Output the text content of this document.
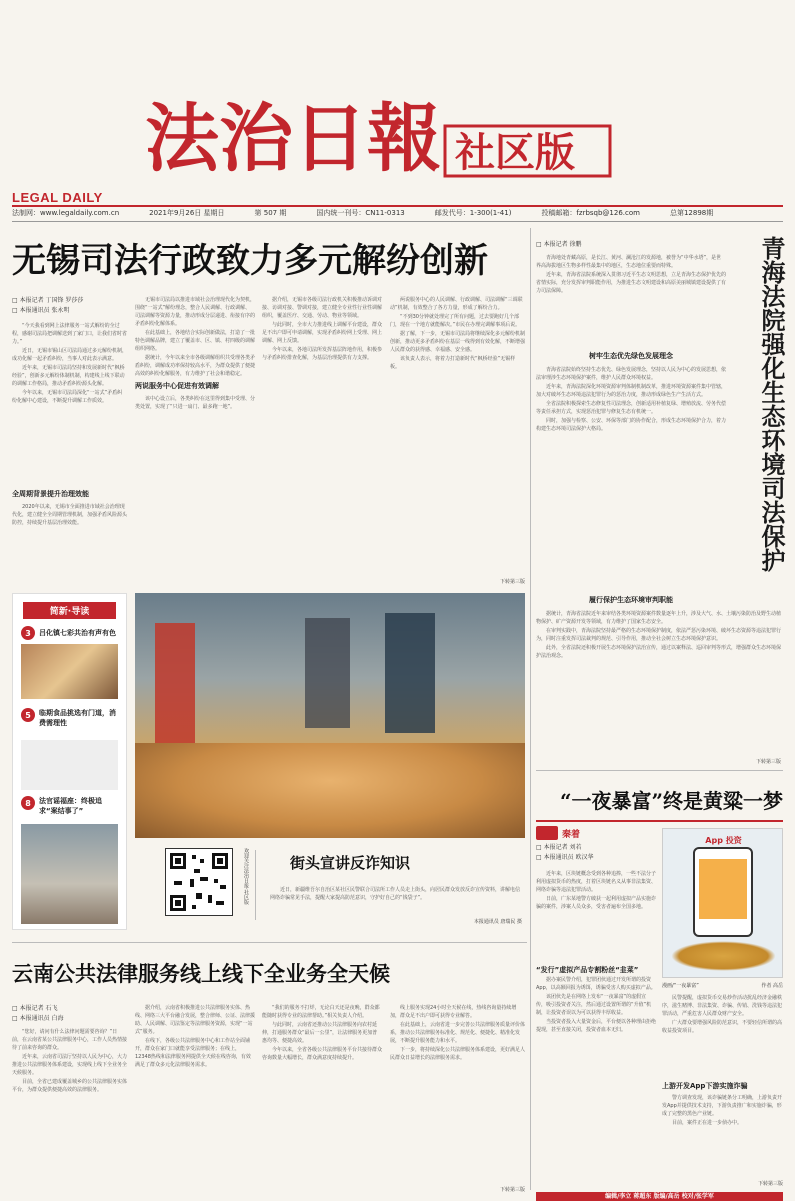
法治日報 社区版
LEGAL DAILY
法制网：www.legaldaily.com.cn	2021年9月26日 星期日	第 507 期	国内统一刊号：CN11-0313	邮发代号：1-300(1-41)	投稿邮箱：fzrbsqb@126.com	总第12898期
无锡司法行政致力多元解纷创新
□ 本报记者 丁国锋 罗莎莎
□ 本报通讯员 张永明

“今天我看到网上法律服务一站式解纷的全过程，感谢司法局把调解送到了家门口，让我们省时省力。”

近日，无锡市锡山区司法局通过多元解纷机制，成功化解一起矛盾纠纷，当事人对此表示满意。

近年来，无锡市司法局坚持和发展新时代“枫桥经验”，创新多元解纷体制机制，构建线上线下联动的调解工作格局，推动矛盾纠纷源头化解。

今年以来，无锡市司法局深化“一站式”矛盾纠纷化解中心建设，不断提升调解工作质效。

全周期背景提升治理效能

2020年以来，无锡市全面推进市域社会治理现代化，建立健全全周期管理机制，加强矛盾风险源头防控，持续提升基层治理效能。

无锡市司法局以推进市域社会治理现代化为契机，围绕“一站式”解纷理念，整合人民调解、行政调解、司法调解等资源力量，推动形成分层递进、衔接有序的矛盾纠纷化解体系。

在此基础上，各地结合实际创新做法，打造了一批特色调解品牌，建立了覆盖市、区、镇、村四级的调解组织网络。

据统计，今年以来全市各级调解组织共受理各类矛盾纠纷，调解成功率保持较高水平，为群众提供了便捷高效的纠纷化解服务，有力维护了社会和谐稳定。

两说服务中心促进有效调解

该中心设立后，各类纠纷在这里得到集中受理、分类处置，实现了“只进一扇门、最多跑一地”。

据介绍，无锡市各级司法行政机关积极推动诉调对接、访调对接、警调对接，建立健全专业性行业性调解组织，覆盖医疗、交通、劳动、物业等领域。

与此同时，全市大力推进线上调解平台建设，群众足不出户即可申请调解，实现矛盾纠纷网上受理、网上调解、网上反馈。

今年以来，各地司法所发挥基层阵地作用，积极参与矛盾纠纷排查化解，为基层治理提供有力支撑。

两说服务中心的人民调解、行政调解、司法调解“三调联动”机制，有效整合了各方力量，形成了解纷合力。

“不到30分钟就处理完了所有问题，过去要跑好几个部门，现在一个地方就能解决。”市民在办理完调解事项后说。

据了解，下一步，无锡市司法局将继续深化多元解纷机制创新，推动更多矛盾纠纷在基层一线得到有效化解，不断增强人民群众的获得感、幸福感、安全感。

该负责人表示，将着力打造新时代“枫桥经验”无锡样板。

下转第三版
简新·导读
3	吕化镇七彩共治有声有色
5	临期食品挑选有门道，消费需理性
8	法官谣福座：终极追求“案结事了”
欢迎关注法治日报·社区版	街头宣讲反诈知识

近日，新疆维吾尔自治区某社区民警联合司法所工作人员走上街头，向居民群众发放反诈宣传资料，讲解电信网络诈骗常见手法，提醒大家提高防范意识，守护好自己的“钱袋子”。

本报通讯员 唐瑞民 摄
云南公共法律服务线上线下全业务全天候
□ 本报记者 石飞
□ 本报通讯员 白海

“您好，请问有什么法律问题需要咨询？”日前，在云南省某公共法律服务中心，工作人员热情接待了前来咨询的群众。

近年来，云南省司法厅坚持以人民为中心，大力推进公共法律服务体系建设，实现线上线下全业务全天候服务。

目前，全省已建成覆盖城乡的公共法律服务实体平台，为群众提供便捷高效的法律服务。

据介绍，云南省积极推进公共法律服务实体、热线、网络三大平台融合发展，整合律师、公证、法律援助、人民调解、司法鉴定等法律服务资源，实现“一站式”服务。

在线下，各级公共法律服务中心和工作站全面铺开，群众在家门口就能享受法律服务；在线上，12348热线和法律服务网提供全天候在线咨询，有效满足了群众多元化法律服务需求。

“我们的服务不打烊，无论白天还是夜晚，群众都能随时获得专业的法律帮助。”相关负责人介绍。

与此同时，云南省还推动公共法律服务向农村延伸，打通服务群众“最后一公里”，让法律服务更加普惠均等、便捷高效。

今年以来，全省各级公共法律服务平台共接待群众咨询数量大幅增长，群众满意度持续提升。

线上服务实现24小时全天候在线，热线咨询量持续增加，群众足不出户即可获得专业解答。

在此基础上，云南省进一步完善公共法律服务质量评价体系，推动公共法律服务标准化、规范化、便捷化、精准化发展，不断提升服务能力和水平。

下一步，将持续深化公共法律服务体系建设，更好满足人民群众日益增长的法律服务需求。

下转第三版
□ 本报记者 徐鹏	青海法院强化生态环境司法保护

青海地处青藏高原，是长江、黄河、澜沧江的发源地，被誉为“中华水塔”，是世界高海拔地区生物多样性最集中的地区，生态地位重要而特殊。

近年来，青海省法院系统深入贯彻习近平生态文明思想，立足青海生态保护优先的省情实际，充分发挥审判职能作用，为推进生态文明建设和高原美丽城镇建设提供了有力司法保障。

树牢生态优先绿色发展理念

青海省法院始终坚持生态优先、绿色发展理念，坚持以人民为中心的发展思想，依法审理涉生态环境保护案件，维护人民群众环境权益。

近年来，青海法院深化环境资源审判体制机制改革，推进环境资源案件集中管辖，加大对破坏生态环境违法犯罪行为的惩治力度，推动形成绿色生产生活方式。

全省法院积极探索生态修复性司法理念，创新适用补植复绿、增殖放流、劳务代偿等责任承担方式，实现惩治犯罪与修复生态有机统一。

同时，加强与检察、公安、环保等部门的协作配合，形成生态环境保护合力，着力构建生态环境司法保护大格局。

履行保护生态环境审判职能

据统计，青海省法院近年来审结各类环境资源案件数量逐年上升，涉及大气、水、土壤污染防治及野生动植物保护、矿产资源开发等领域，有力维护了国家生态安全。

在审判实践中，青海法院坚持最严格的生态环境保护制度，依法严惩污染环境、破坏生态资源等违法犯罪行为，同时注重发挥司法裁判的规范、引导作用，推动全社会树立生态环境保护意识。

此外，全省法院还积极开展生态环境保护法治宣传，通过以案释法、巡回审判等形式，增强群众生态环境保护法治观念。

下转第三版
“一夜暴富”终是黄粱一梦
秦着
□ 本报记者 刘若
□ 本报通讯员 欧汉华

近年来，区块链概念受到各种追捧，一些不法分子利用虚拟货币的热度，打着区块链名义从事非法集资、网络诈骗等违法犯罪活动。

日前，广东某地警方破获一起利用虚拟产品实施诈骗的案件，涉案人员众多，受害者遍布全国多地。

“发行”虚拟产品专割粉丝“韭菜”

据办案民警介绍，犯罪团伙通过开发所谓的投资App，以高额回报为诱饵，诱骗受害人购买虚拟产品。

该团伙先是在网络上发布“一夜暴富”的虚假宣传，吸引投资者关注，然后通过设置所谓的“升值”机制，让投资者误以为可以获得丰厚收益。

当投资者投入大量资金后，平台便以各种理由拒绝提现，甚至直接关闭，投资者血本无归。

App 投资
漫画/“一夜暴富”	作者 高岳

民警提醒，虚拟货币交易炒作活动扰乱经济金融秩序，滋生赌博、非法集资、诈骗、传销、洗钱等违法犯罪活动，严重危害人民群众财产安全。

广大群众要增强风险防范意识，不要轻信所谓的高收益投资项目。

上游开发App下游实施诈骗

警方调查发现，该诈骗链条分工明确，上游负责开发App并提供技术支持，下游负责推广和实施诈骗，形成了完整的黑色产业链。

目前，案件正在进一步侦办中。

下转第三版
编辑/李立 蒋超东 版编/高岳 校对/张学军
